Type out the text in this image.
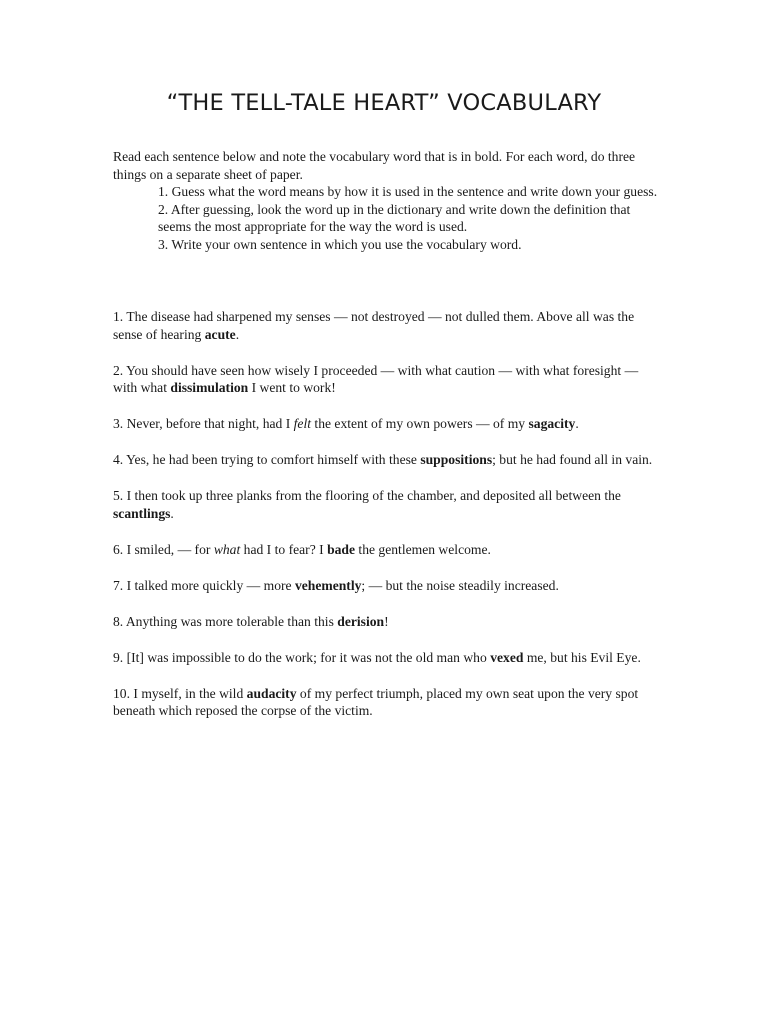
“THE TELL-TALE HEART” VOCABULARY
Read each sentence below and note the vocabulary word that is in bold. For each word, do three things on a separate sheet of paper.
1. Guess what the word means by how it is used in the sentence and write down your guess.
2. After guessing, look the word up in the dictionary and write down the definition that seems the most appropriate for the way the word is used.
3. Write your own sentence in which you use the vocabulary word.
1. The disease had sharpened my senses — not destroyed — not dulled them. Above all was the sense of hearing acute.
2. You should have seen how wisely I proceeded — with what caution — with what foresight — with what dissimulation I went to work!
3. Never, before that night, had I felt the extent of my own powers — of my sagacity.
4. Yes, he had been trying to comfort himself with these suppositions; but he had found all in vain.
5. I then took up three planks from the flooring of the chamber, and deposited all between the scantlings.
6. I smiled, — for what had I to fear? I bade the gentlemen welcome.
7. I talked more quickly — more vehemently; — but the noise steadily increased.
8. Anything was more tolerable than this derision!
9. [It] was impossible to do the work; for it was not the old man who vexed me, but his Evil Eye.
10. I myself, in the wild audacity of my perfect triumph, placed my own seat upon the very spot beneath which reposed the corpse of the victim.
